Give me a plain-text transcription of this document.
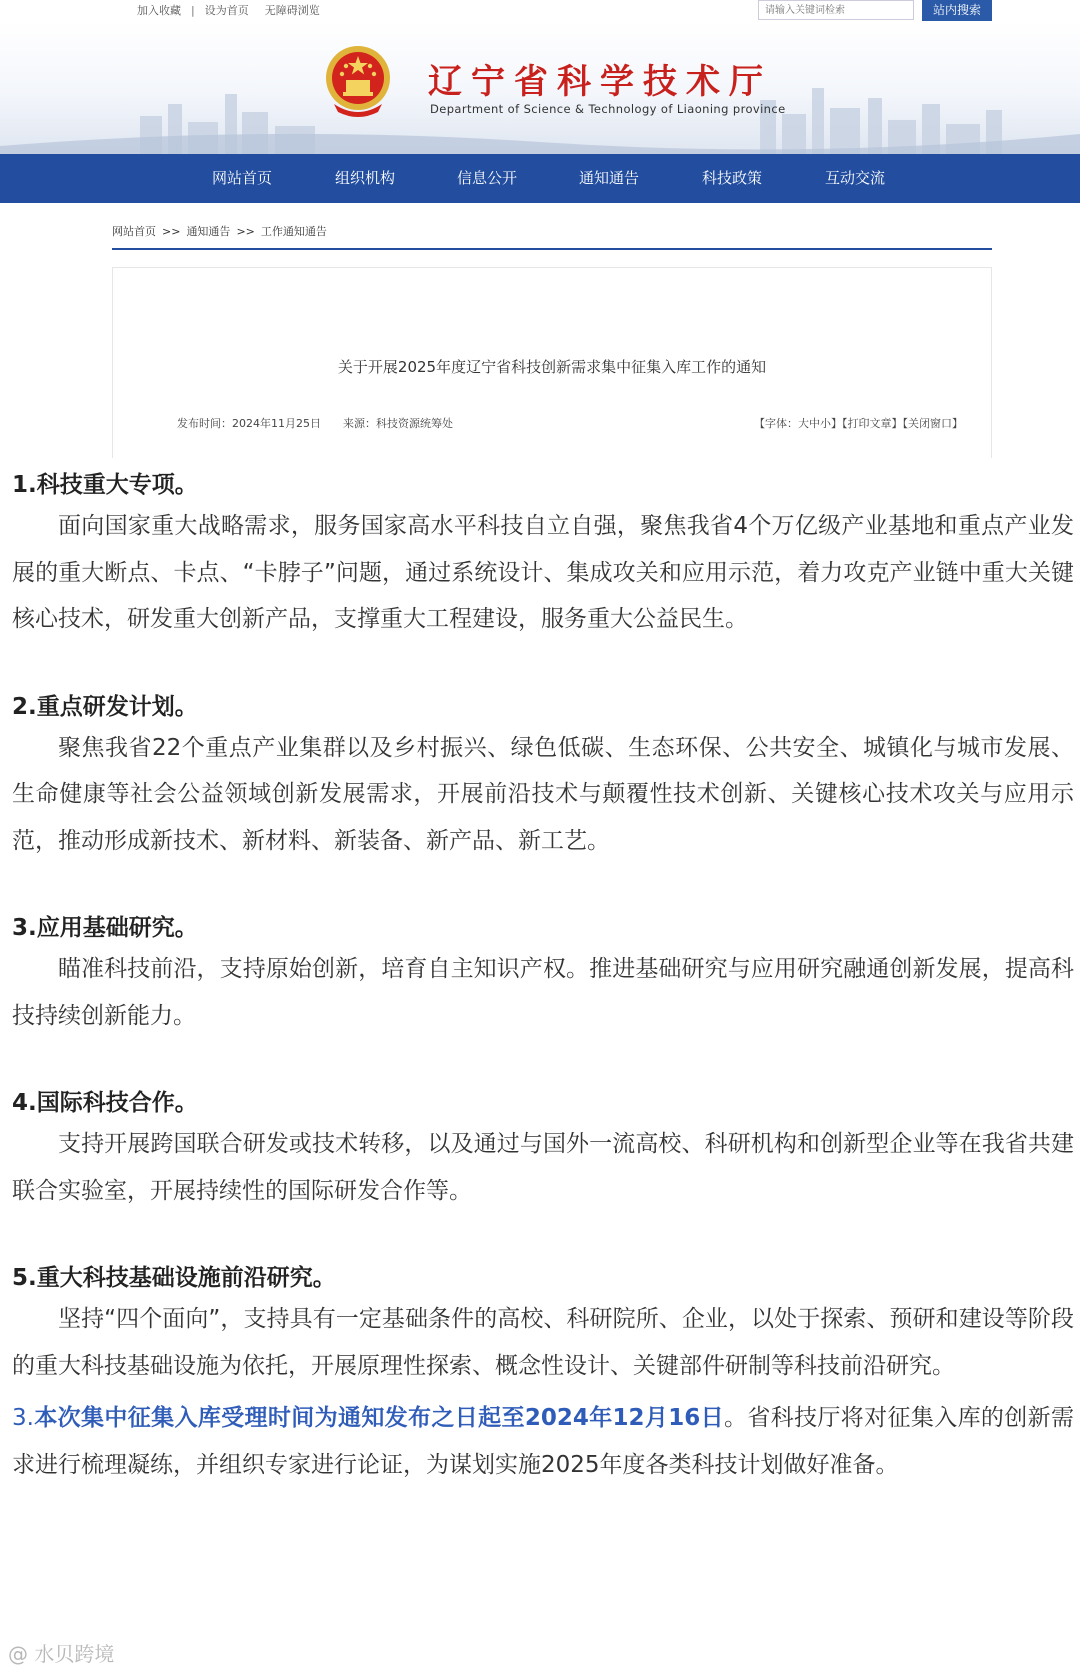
加入收藏 | 设为首页 无障碍浏览
请输入关键词检索	站内搜索
辽宁省科学技术厅
Department of Science & Technology of Liaoning province
网站首页	组织机构	信息公开	通知通告	科技政策	互动交流
网站首页 >> 通知通告 >> 工作通知通告
关于开展2025年度辽宁省科技创新需求集中征集入库工作的通知
发布时间：2024年11月25日 来源：科技资源统筹处	【字体：大中小】【打印文章】【关闭窗口】
1.科技重大专项。

面向国家重大战略需求，服务国家高水平科技自立自强，聚焦我省4个万亿级产业基地和重点产业发展的重大断点、卡点、“卡脖子”问题，通过系统设计、集成攻关和应用示范，着力攻克产业链中重大关键核心技术，研发重大创新产品，支撑重大工程建设，服务重大公益民生。

2.重点研发计划。

聚焦我省22个重点产业集群以及乡村振兴、绿色低碳、生态环保、公共安全、城镇化与城市发展、生命健康等社会公益领域创新发展需求，开展前沿技术与颠覆性技术创新、关键核心技术攻关与应用示范，推动形成新技术、新材料、新装备、新产品、新工艺。

3.应用基础研究。

瞄准科技前沿，支持原始创新，培育自主知识产权。推进基础研究与应用研究融通创新发展，提高科技持续创新能力。

4.国际科技合作。

支持开展跨国联合研发或技术转移，以及通过与国外一流高校、科研机构和创新型企业等在我省共建联合实验室，开展持续性的国际研发合作等。

5.重大科技基础设施前沿研究。

坚持“四个面向”，支持具有一定基础条件的高校、科研院所、企业，以处于探索、预研和建设等阶段的重大科技基础设施为依托，开展原理性探索、概念性设计、关键部件研制等科技前沿研究。

3.本次集中征集入库受理时间为通知发布之日起至2024年12月16日。省科技厅将对征集入库的创新需求进行梳理凝练，并组织专家进行论证，为谋划实施2025年度各类科技计划做好准备。

@ 水贝跨境
